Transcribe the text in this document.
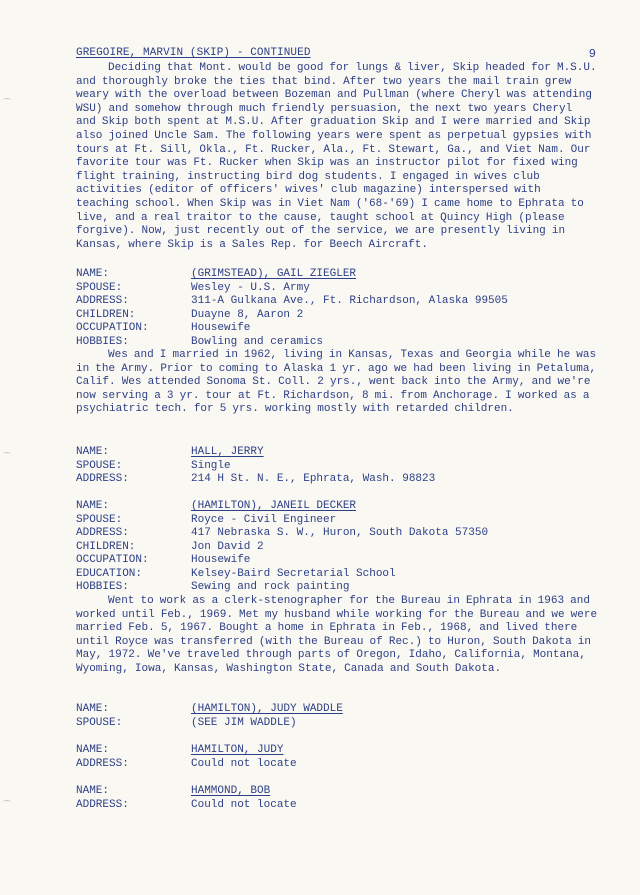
GREGOIRE, MARVIN (SKIP) - CONTINUED	9

Deciding that Mont. would be good for lungs & liver, Skip headed for M.S.U. and thoroughly broke the ties that bind. After two years the mail train grew weary with the overload between Bozeman and Pullman (where Cheryl was attending WSU) and somehow through much friendly persuasion, the next two years Cheryl and Skip both spent at M.S.U. After graduation Skip and I were married and Skip also joined Uncle Sam. The following years were spent as perpetual gypsies with tours at Ft. Sill, Okla., Ft. Rucker, Ala., Ft. Stewart, Ga., and Viet Nam. Our favorite tour was Ft. Rucker when Skip was an instructor pilot for fixed wing flight training, instructing bird dog students. I engaged in wives club activities (editor of officers' wives' club magazine) interspersed with teaching school. When Skip was in Viet Nam ('68-'69) I came home to Ephrata to live, and a real traitor to the cause, taught school at Quincy High (please forgive). Now, just recently out of the service, we are presently living in Kansas, where Skip is a Sales Rep. for Beech Aircraft.

NAME:	(GRIMSTEAD), GAIL ZIEGLER
SPOUSE:	Wesley - U.S. Army
ADDRESS:	311-A Gulkana Ave., Ft. Richardson, Alaska 99505
CHILDREN:	Duayne 8, Aaron 2
OCCUPATION:	Housewife
HOBBIES:	Bowling and ceramics

Wes and I married in 1962, living in Kansas, Texas and Georgia while he was in the Army. Prior to coming to Alaska 1 yr. ago we had been living in Petaluma, Calif. Wes attended Sonoma St. Coll. 2 yrs., went back into the Army, and we're now serving a 3 yr. tour at Ft. Richardson, 8 mi. from Anchorage. I worked as a psychiatric tech. for 5 yrs. working mostly with retarded children.

NAME:	HALL, JERRY
SPOUSE:	Single
ADDRESS:	214 H St. N. E., Ephrata, Wash. 98823
NAME:	(HAMILTON), JANEIL DECKER
SPOUSE:	Royce - Civil Engineer
ADDRESS:	417 Nebraska S. W., Huron, South Dakota 57350
CHILDREN:	Jon David 2
OCCUPATION:	Housewife
EDUCATION:	Kelsey-Baird Secretarial School
HOBBIES:	Sewing and rock painting

Went to work as a clerk-stenographer for the Bureau in Ephrata in 1963 and worked until Feb., 1969. Met my husband while working for the Bureau and we were married Feb. 5, 1967. Bought a home in Ephrata in Feb., 1968, and lived there until Royce was transferred (with the Bureau of Rec.) to Huron, South Dakota in May, 1972. We've traveled through parts of Oregon, Idaho, California, Montana, Wyoming, Iowa, Kansas, Washington State, Canada and South Dakota.

NAME:	(HAMILTON), JUDY WADDLE
SPOUSE:	(SEE JIM WADDLE)
NAME:	HAMILTON, JUDY
ADDRESS:	Could not locate
NAME:	HAMMOND, BOB
ADDRESS:	Could not locate
